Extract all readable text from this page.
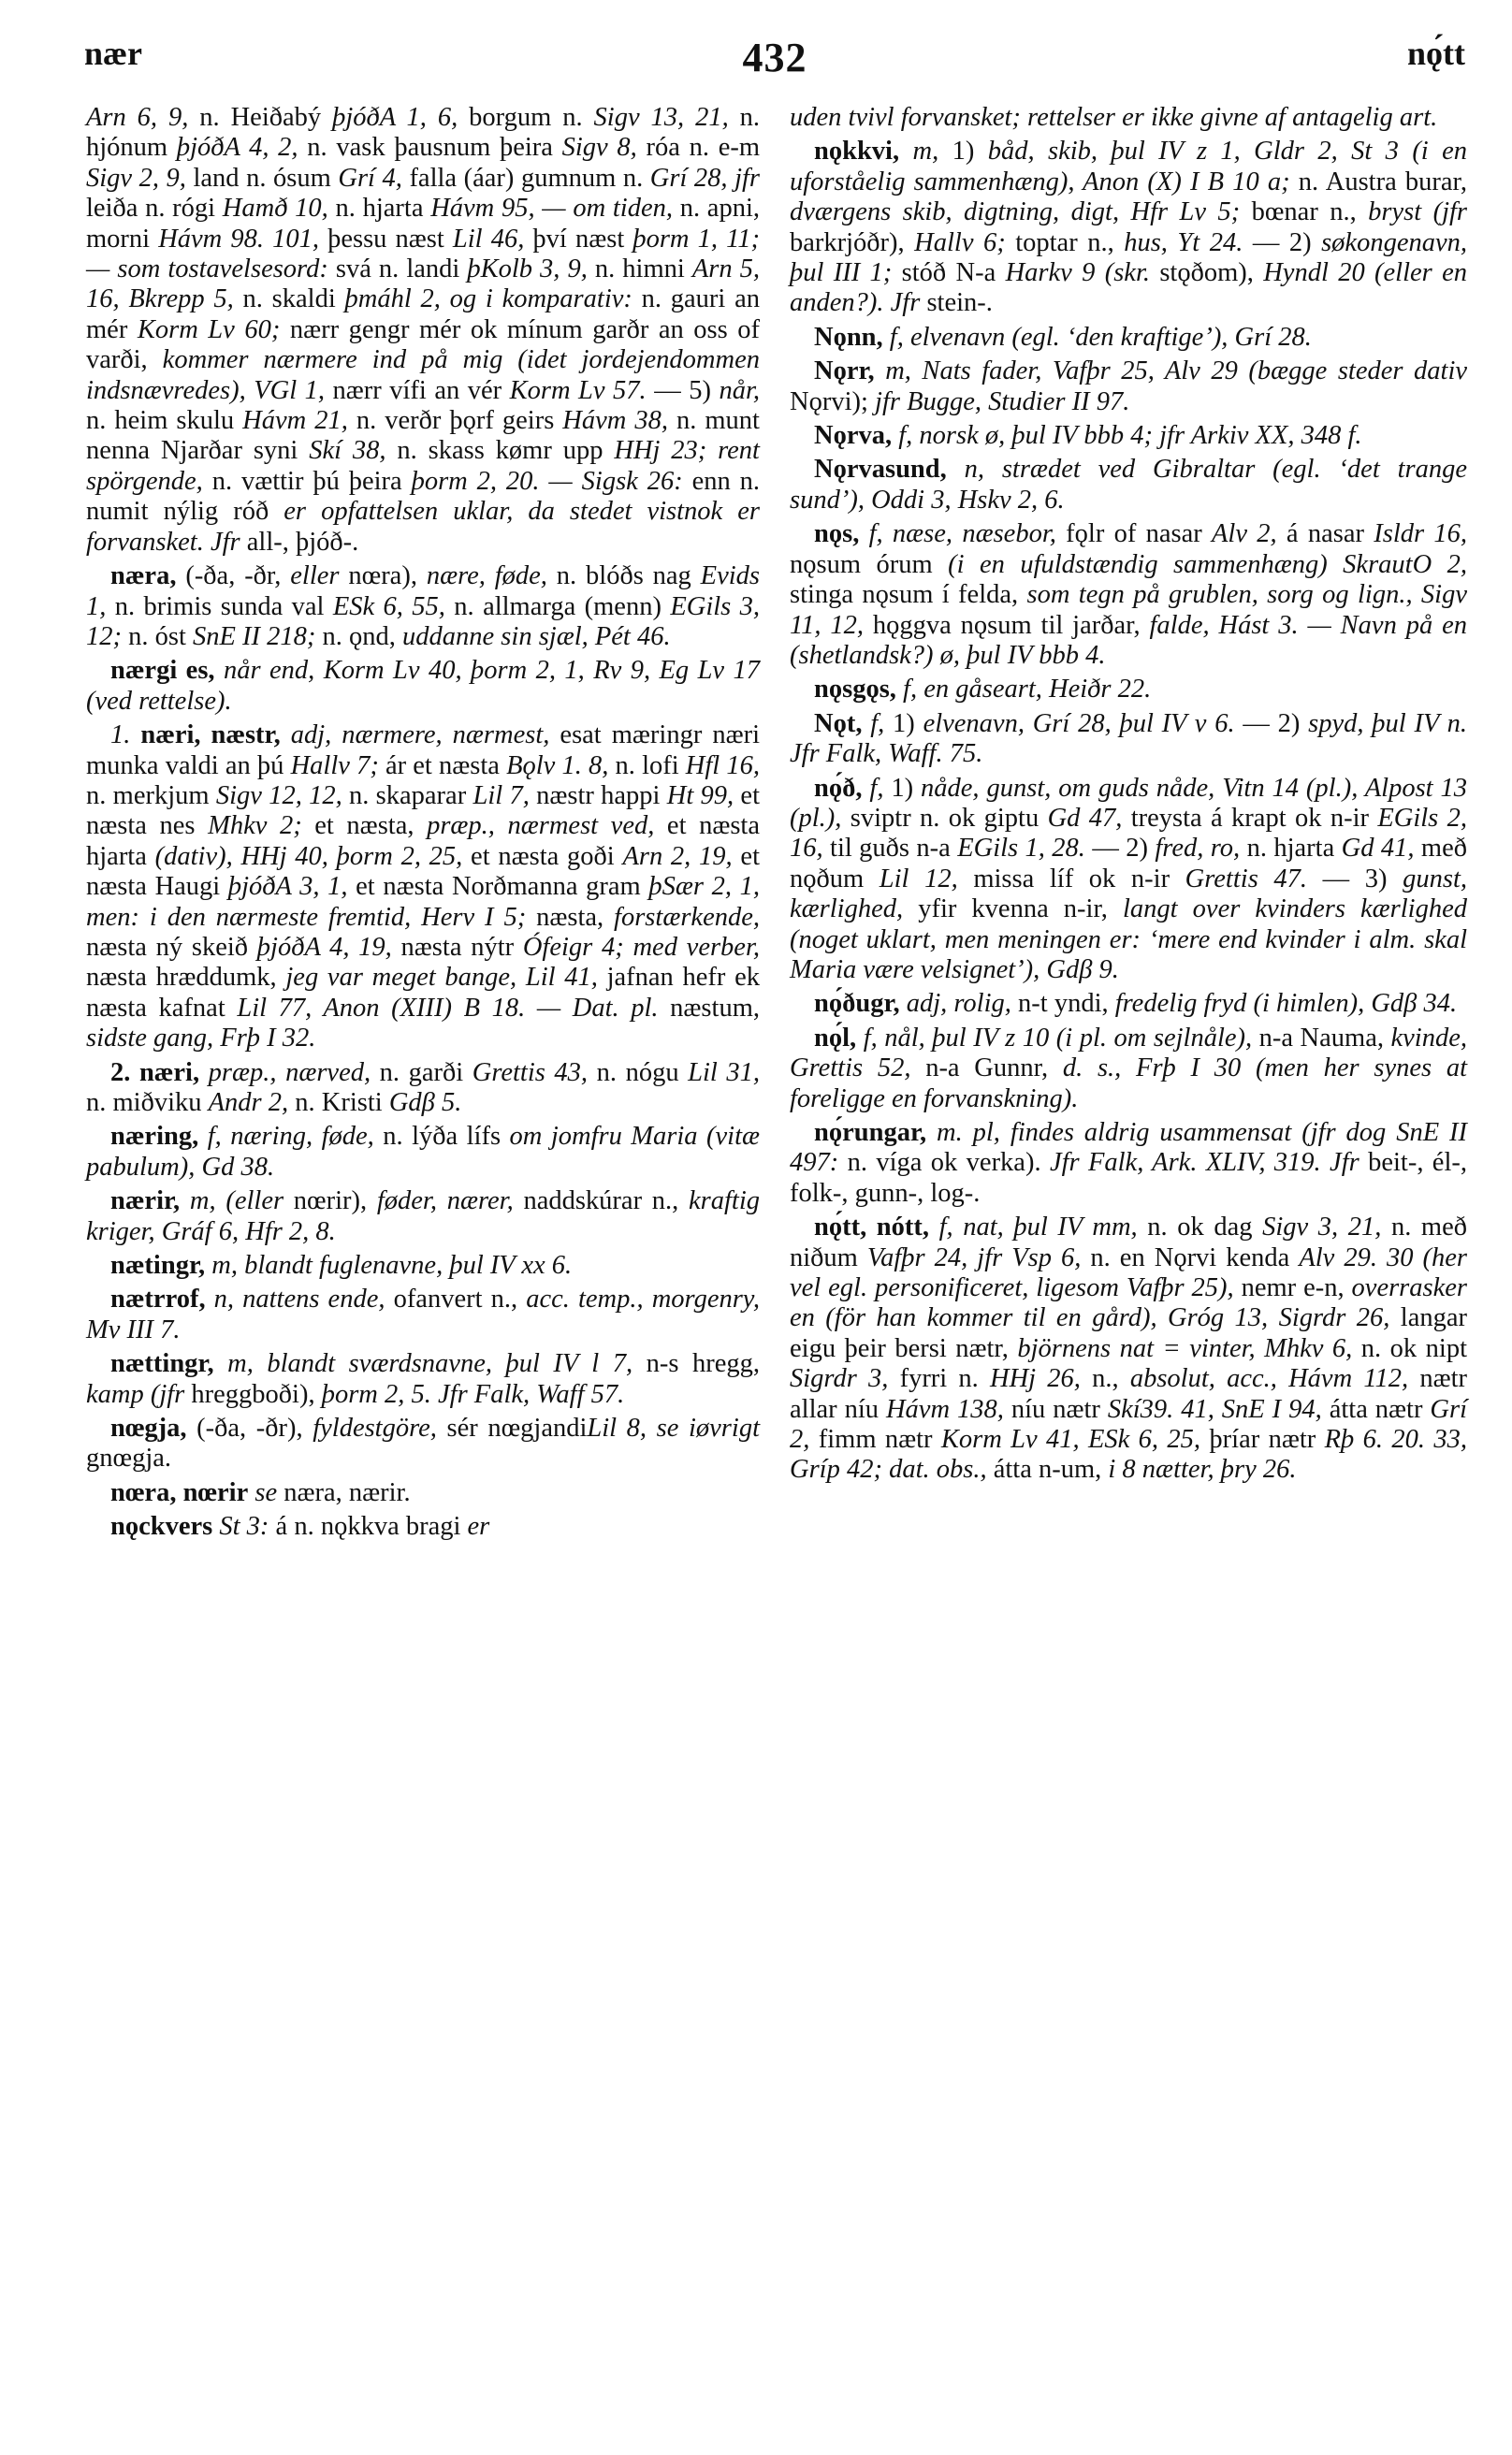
nær	432	nǫ́tt

Arn 6, 9, n. Heiðabý þjóðA 1, 6, borgum n. Sigv 13, 21, n. hjónum þjóðA 4, 2, n. vask þausnum þeira Sigv 8, róa n. e-m Sigv 2, 9, land n. ósum Grí 4, falla (áar) gumnum n. Grí 28, jfr leiða n. rógi Hamð 10, n. hjarta Hávm 95, — om tiden, n. apni, morni Hávm 98. 101, þessu næst Lil 46, því næst þorm 1, 11; — som tostavelsesord: svá n. landi þKolb 3, 9, n. himni Arn 5, 16, Bkrepp 5, n. skaldi þmáhl 2, og i komparativ: n. gauri an mér Korm Lv 60; nærr gengr mér ok mínum garðr an oss of varði, kommer nærmere ind på mig (idet jordejendommen indsnævredes), VGl 1, nærr vífi an vér Korm Lv 57. — 5) når, n. heim skulu Hávm 21, n. verðr þǫrf geirs Hávm 38, n. munt nenna Njarðar syni Skí 38, n. skass kømr upp HHj 23; rent spörgende, n. vættir þú þeira þorm 2, 20. — Sigsk 26: enn n. numit nýlig róð er opfattelsen uklar, da stedet vistnok er forvansket. Jfr all-, þjóð-.

næra, (-ða, -ðr, eller nœra), nære, føde, n. blóðs nag Evids 1, n. brimis sunda val ESk 6, 55, n. allmarga (menn) EGils 3, 12; n. óst SnE II 218; n. ǫnd, uddanne sin sjæl, Pét 46.

nærgi es, når end, Korm Lv 40, þorm 2, 1, Rv 9, Eg Lv 17 (ved rettelse).

1. næri, næstr, adj, nærmere, nærmest, esat mæringr næri munka valdi an þú Hallv 7; ár et næsta Bǫlv 1. 8, n. lofi Hfl 16, n. merkjum Sigv 12, 12, n. skaparar Lil 7, næstr happi Ht 99, et næsta nes Mhkv 2; et næsta, præp., nærmest ved, et næsta hjarta (dativ), HHj 40, þorm 2, 25, et næsta goði Arn 2, 19, et næsta Haugi þjóðA 3, 1, et næsta Norðmanna gram þSær 2, 1, men: i den nærmeste fremtid, Herv I 5; næsta, forstærkende, næsta ný skeið þjóðA 4, 19, næsta nýtr Ófeigr 4; med verber, næsta hræddumk, jeg var meget bange, Lil 41, jafnan hefr ek næsta kafnat Lil 77, Anon (XIII) B 18. — Dat. pl. næstum, sidste gang, Frþ I 32.

2. næri, præp., nærved, n. garði Grettis 43, n. nógu Lil 31, n. miðviku Andr 2, n. Kristi Gdβ 5.

næring, f, næring, føde, n. lýða lífs om jomfru Maria (vitæ pabulum), Gd 38.

nærir, m, (eller nœrir), føder, nærer, naddskúrar n., kraftig kriger, Gráf 6, Hfr 2, 8.

nætingr, m, blandt fuglenavne, þul IV xx 6.

nætrrof, n, nattens ende, ofanvert n., acc. temp., morgenry, Mv III 7.

nættingr, m, blandt sværdsnavne, þul IV l 7, n-s hregg, kamp (jfr hreggboði), þorm 2, 5. Jfr Falk, Waff 57.

nœgja, (-ða, -ðr), fyldestgöre, sér nœgjandiLil 8, se iøvrigt gnœgja.

nœra, nœrir se næra, nærir.

nǫckvers St 3: á n. nǫkkva bragi er

uden tvivl forvansket; rettelser er ikke givne af antagelig art.

nǫkkvi, m, 1) båd, skib, þul IV z 1, Gldr 2, St 3 (i en uforståelig sammenhæng), Anon (X) I B 10 a; n. Austra burar, dværgens skib, digtning, digt, Hfr Lv 5; bœnar n., bryst (jfr barkrjóðr), Hallv 6; toptar n., hus, Yt 24. — 2) søkongenavn, þul III 1; stóð N-a Harkv 9 (skr. stǫðom), Hyndl 20 (eller en anden?). Jfr stein-.

Nǫnn, f, elvenavn (egl. ‘den kraftige’), Grí 28.

Nǫrr, m, Nats fader, Vafþr 25, Alv 29 (bægge steder dativ Nǫrvi); jfr Bugge, Studier II 97.

Nǫrva, f, norsk ø, þul IV bbb 4; jfr Arkiv XX, 348 f.

Nǫrvasund, n, strædet ved Gibraltar (egl. ‘det trange sund’), Oddi 3, Hskv 2, 6.

nǫs, f, næse, næsebor, fǫlr of nasar Alv 2, á nasar Isldr 16, nǫsum órum (i en ufuldstændig sammenhæng) SkrautO 2, stinga nǫsum í felda, som tegn på grublen, sorg og lign., Sigv 11, 12, hǫggva nǫsum til jarðar, falde, Hást 3. — Navn på en (shetlandsk?) ø, þul IV bbb 4.

nǫsgǫs, f, en gåseart, Heiðr 22.

Nǫt, f, 1) elvenavn, Grí 28, þul IV v 6. — 2) spyd, þul IV n. Jfr Falk, Waff. 75.

nǫ́ð, f, 1) nåde, gunst, om guds nåde, Vitn 14 (pl.), Alpost 13 (pl.), sviptr n. ok giptu Gd 47, treysta á krapt ok n-ir EGils 2, 16, til guðs n-a EGils 1, 28. — 2) fred, ro, n. hjarta Gd 41, með nǫðum Lil 12, missa líf ok n-ir Grettis 47. — 3) gunst, kærlighed, yfir kvenna n-ir, langt over kvinders kærlighed (noget uklart, men meningen er: ‘mere end kvinder i alm. skal Maria være velsignet’), Gdβ 9.

nǫ́ðugr, adj, rolig, n-t yndi, fredelig fryd (i himlen), Gdβ 34.

nǫ́l, f, nål, þul IV z 10 (i pl. om sejlnåle), n-a Nauma, kvinde, Grettis 52, n-a Gunnr, d. s., Frþ I 30 (men her synes at foreligge en forvanskning).

nǫ́rungar, m. pl, findes aldrig usammensat (jfr dog SnE II 497: n. víga ok verka). Jfr Falk, Ark. XLIV, 319. Jfr beit-, él-, folk-, gunn-, log-.

nǫ́tt, nótt, f, nat, þul IV mm, n. ok dag Sigv 3, 21, n. með niðum Vafþr 24, jfr Vsp 6, n. en Nǫrvi kenda Alv 29. 30 (her vel egl. personificeret, ligesom Vafþr 25), nemr e-n, overrasker en (för han kommer til en gård), Gróg 13, Sigrdr 26, langar eigu þeir bersi nætr, björnens nat = vinter, Mhkv 6, n. ok nipt Sigrdr 3, fyrri n. HHj 26, n., absolut, acc., Hávm 112, nætr allar níu Hávm 138, níu nætr Skí39. 41, SnE I 94, átta nætr Grí 2, fimm nætr Korm Lv 41, ESk 6, 25, þríar nætr Rþ 6. 20. 33, Gríp 42; dat. obs., átta n-um, i 8 nætter, þry 26.
